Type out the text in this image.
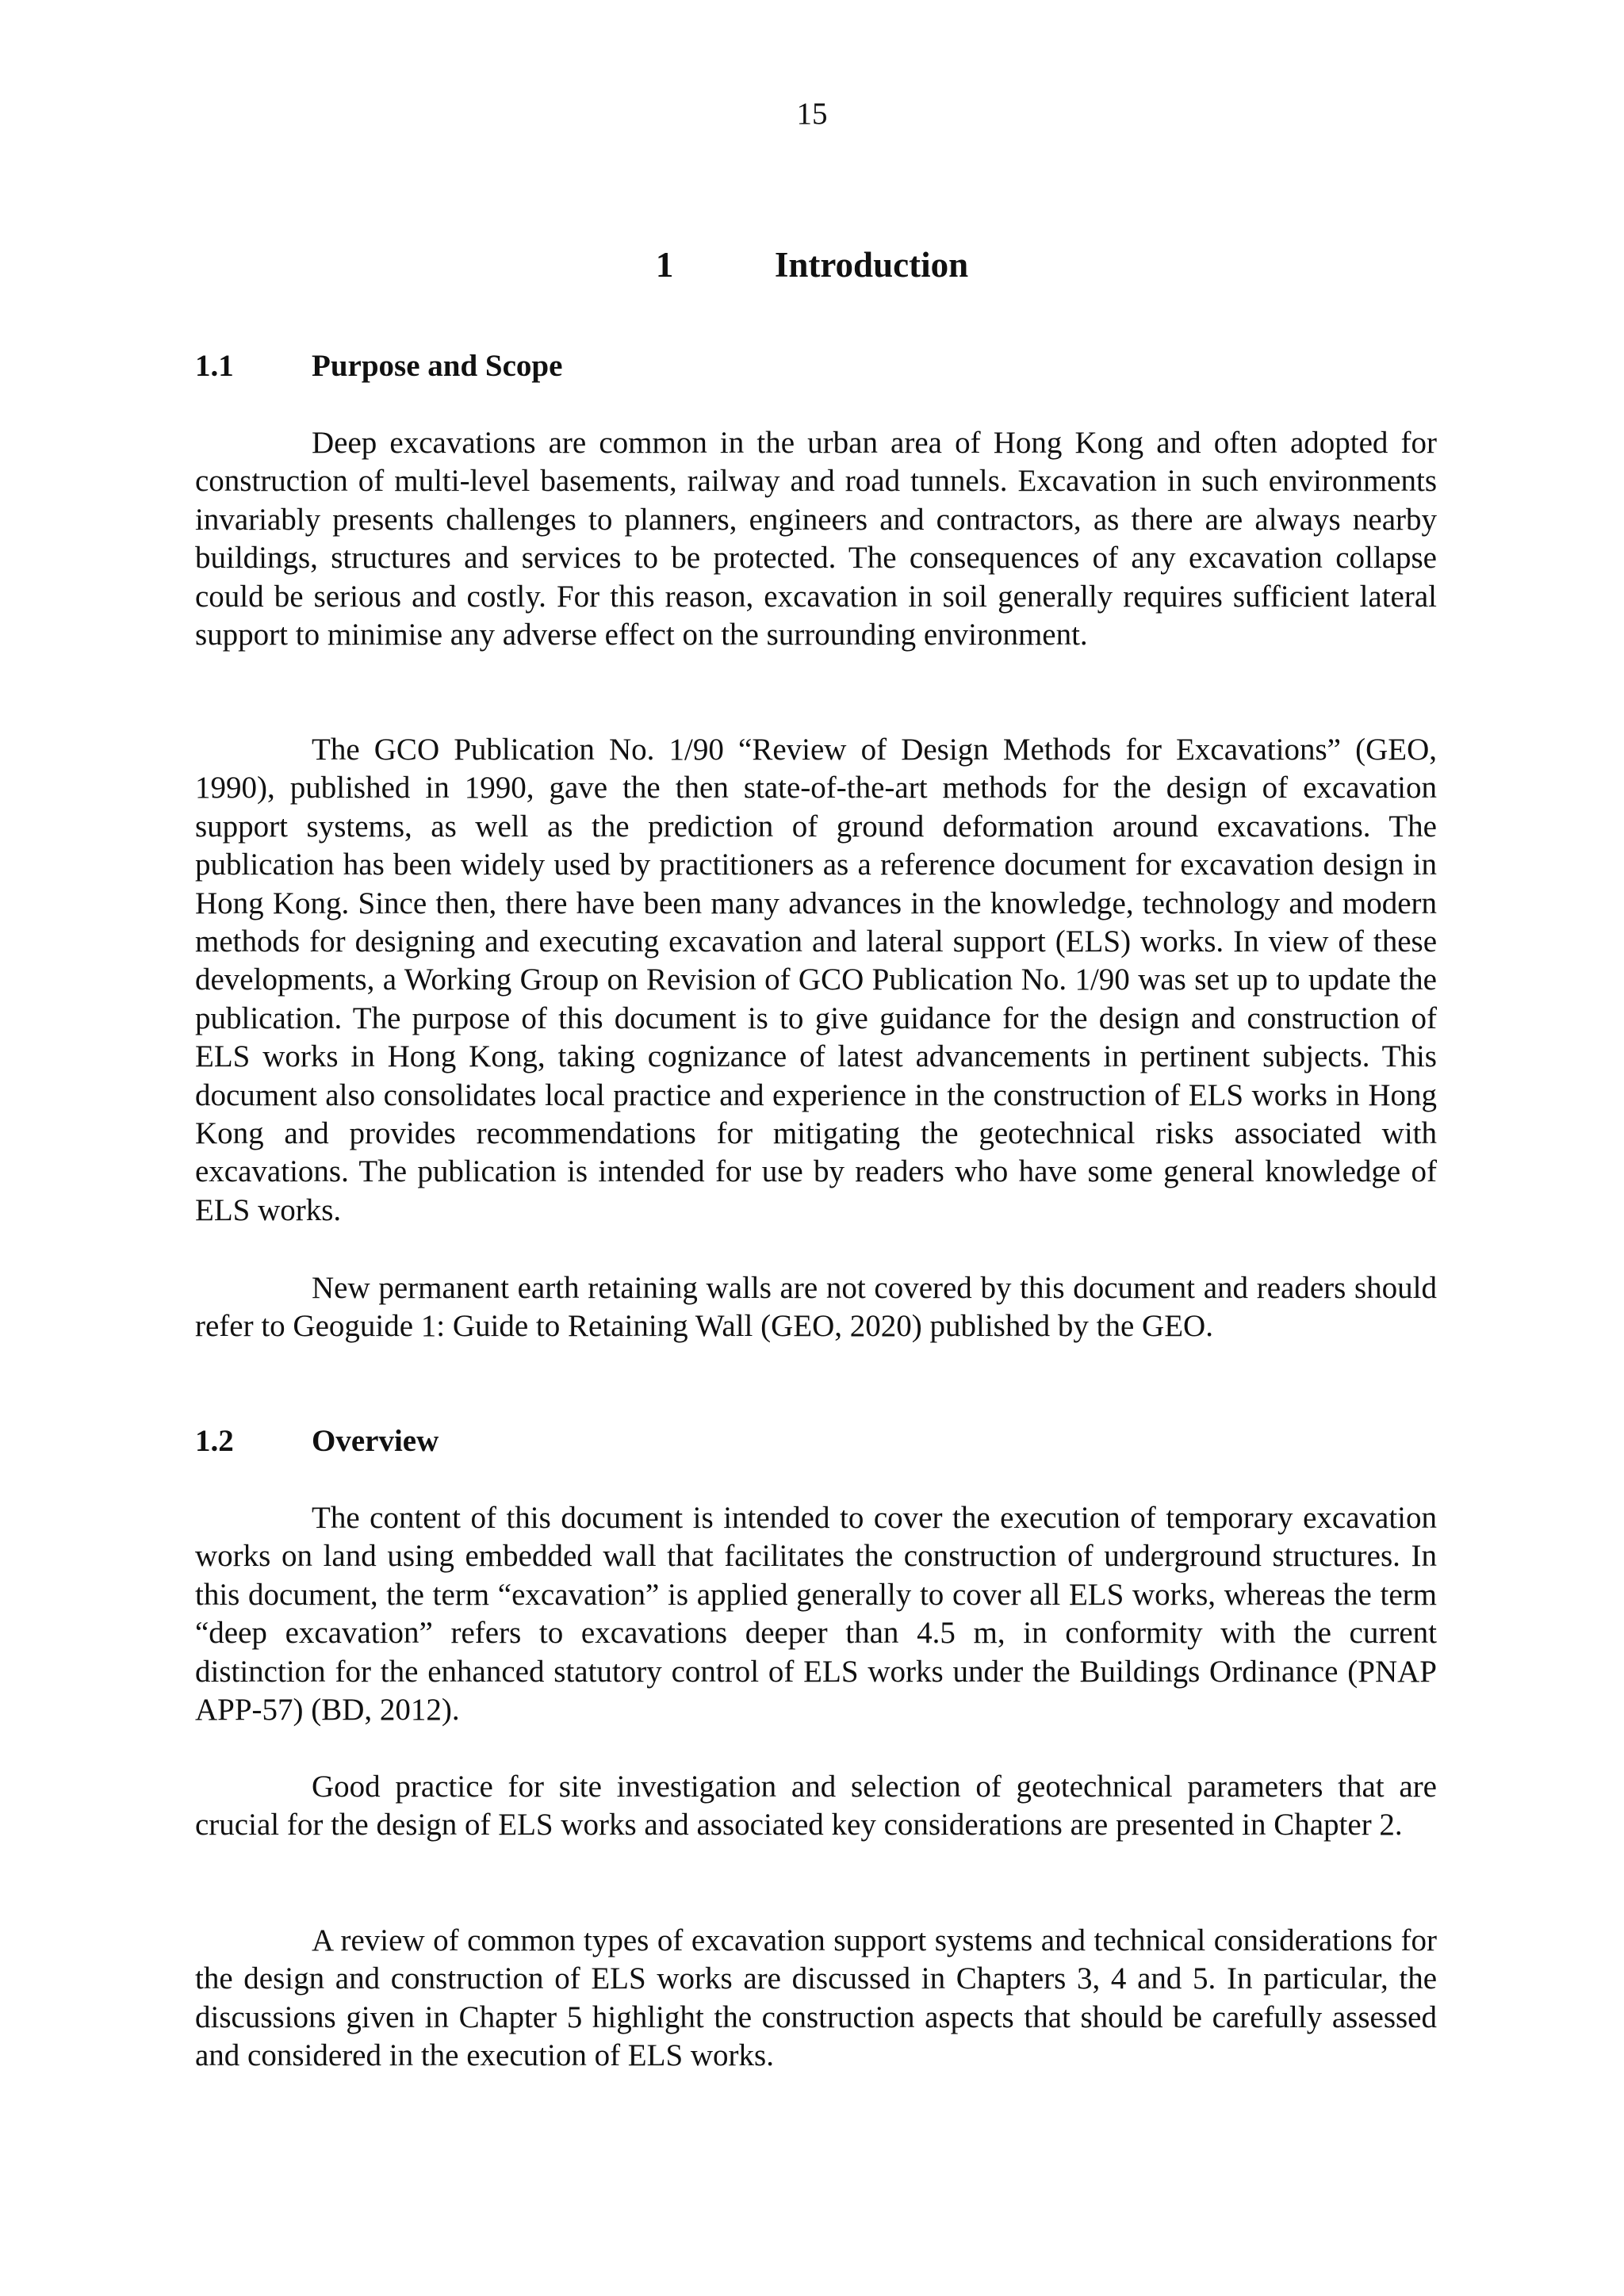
15
1	Introduction
1.1	Purpose and Scope

Deep excavations are common in the urban area of Hong Kong and often adopted for construction of multi-level basements, railway and road tunnels. Excavation in such environments invariably presents challenges to planners, engineers and contractors, as there are always nearby buildings, structures and services to be protected. The consequences of any excavation collapse could be serious and costly. For this reason, excavation in soil generally requires sufficient lateral support to minimise any adverse effect on the surrounding environment.

The GCO Publication No. 1/90 “Review of Design Methods for Excavations” (GEO, 1990), published in 1990, gave the then state-of-the-art methods for the design of excavation support systems, as well as the prediction of ground deformation around excavations. The publication has been widely used by practitioners as a reference document for excavation design in Hong Kong. Since then, there have been many advances in the knowledge, technology and modern methods for designing and executing excavation and lateral support (ELS) works. In view of these developments, a Working Group on Revision of GCO Publication No. 1/90 was set up to update the publication. The purpose of this document is to give guidance for the design and construction of ELS works in Hong Kong, taking cognizance of latest advancements in pertinent subjects. This document also consolidates local practice and experience in the construction of ELS works in Hong Kong and provides recommendations for mitigating the geotechnical risks associated with excavations. The publication is intended for use by readers who have some general knowledge of ELS works.

New permanent earth retaining walls are not covered by this document and readers should refer to Geoguide 1: Guide to Retaining Wall (GEO, 2020) published by the GEO.

1.2	Overview

The content of this document is intended to cover the execution of temporary excavation works on land using embedded wall that facilitates the construction of underground structures. In this document, the term “excavation” is applied generally to cover all ELS works, whereas the term “deep excavation” refers to excavations deeper than 4.5 m, in conformity with the current distinction for the enhanced statutory control of ELS works under the Buildings Ordinance (PNAP APP-57) (BD, 2012).

Good practice for site investigation and selection of geotechnical parameters that are crucial for the design of ELS works and associated key considerations are presented in Chapter 2.

A review of common types of excavation support systems and technical considerations for the design and construction of ELS works are discussed in Chapters 3, 4 and 5. In particular, the discussions given in Chapter 5 highlight the construction aspects that should be carefully assessed and considered in the execution of ELS works.
